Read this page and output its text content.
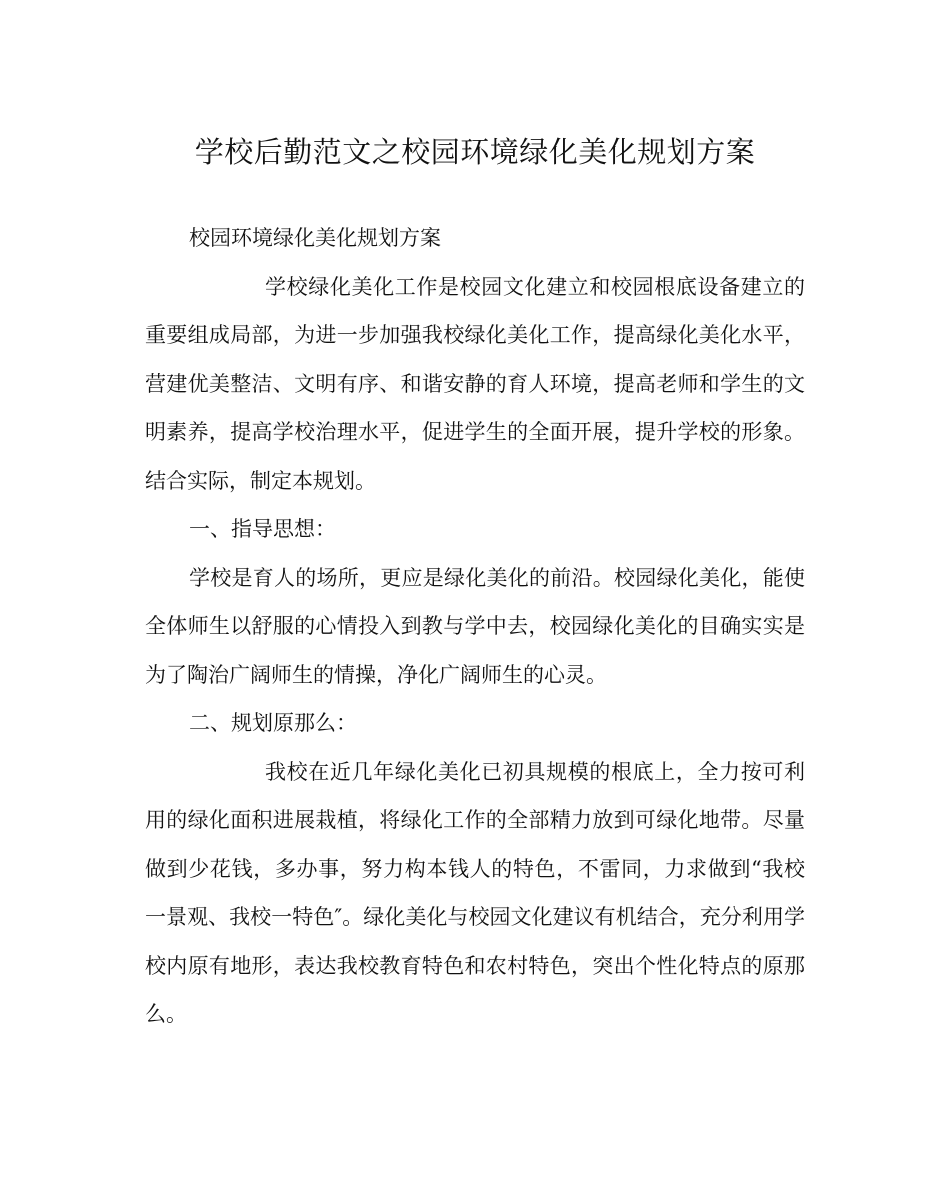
学校后勤范文之校园环境绿化美化规划方案

校园环境绿化美化规划方案

学校绿化美化工作是校园文化建立和校园根底设备建立的重要组成局部，为进一步加强我校绿化美化工作，提高绿化美化水平，营建优美整洁、文明有序、和谐安静的育人环境，提高老师和学生的文明素养，提高学校治理水平，促进学生的全面开展，提升学校的形象。结合实际，制定本规划。

一、指导思想：

学校是育人的场所，更应是绿化美化的前沿。校园绿化美化，能使全体师生以舒服的心情投入到教与学中去，校园绿化美化的目确实实是为了陶治广阔师生的情操，净化广阔师生的心灵。

二、规划原那么：

我校在近几年绿化美化已初具规模的根底上，全力按可利用的绿化面积进展栽植，将绿化工作的全部精力放到可绿化地带。尽量做到少花钱，多办事，努力构本钱人的特色，不雷同，力求做到“我校一景观、我校一特色″。绿化美化与校园文化建议有机结合，充分利用学校内原有地形，表达我校教育特色和农村特色，突出个性化特点的原那么。
